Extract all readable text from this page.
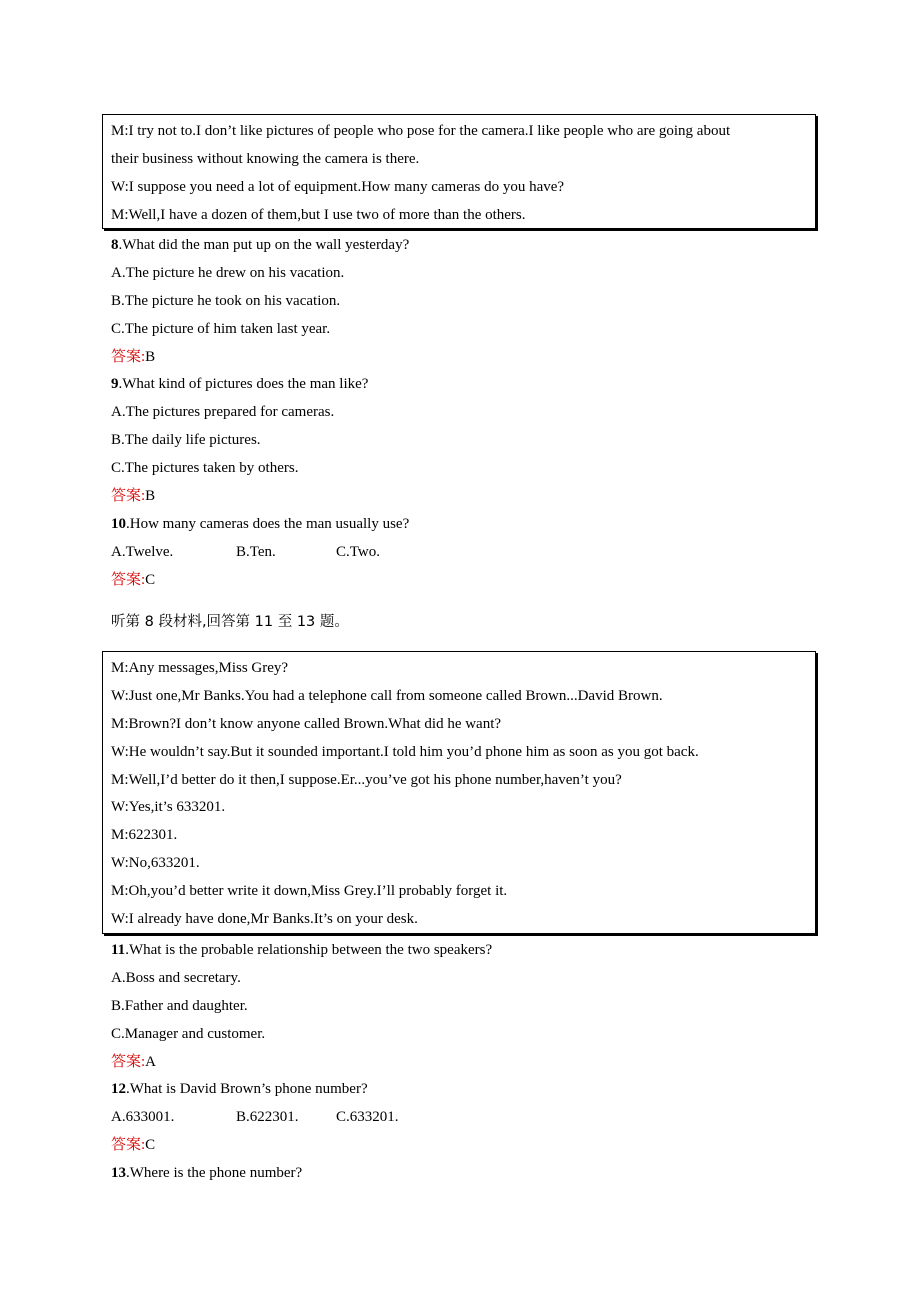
M:I try not to.I don’t like pictures of people who pose for the camera.I like people who are going about
their business without knowing the camera is there.
W:I suppose you need a lot of equipment.How many cameras do you have?
M:Well,I have a dozen of them,but I use two of more than the others.
8.What did the man put up on the wall yesterday?
A.The picture he drew on his vacation.
B.The picture he took on his vacation.
C.The picture of him taken last year.
答案:B
9.What kind of pictures does the man like?
A.The pictures prepared for cameras.
B.The daily life pictures.
C.The pictures taken by others.
答案:B
10.How many cameras does the man usually use?
A.Twelve.	B.Ten.	C.Two.
答案:C
听第 8 段材料,回答第 11 至 13 题。
M:Any messages,Miss Grey?
W:Just one,Mr Banks.You had a telephone call from someone called Brown...David Brown.
M:Brown?I don’t know anyone called Brown.What did he want?
W:He wouldn’t say.But it sounded important.I told him you’d phone him as soon as you got back.
M:Well,I’d better do it then,I suppose.Er...you’ve got his phone number,haven’t you?
W:Yes,it’s 633201.
M:622301.
W:No,633201.
M:Oh,you’d better write it down,Miss Grey.I’ll probably forget it.
W:I already have done,Mr Banks.It’s on your desk.
11.What is the probable relationship between the two speakers?
A.Boss and secretary.
B.Father and daughter.
C.Manager and customer.
答案:A
12.What is David Brown’s phone number?
A.633001.	B.622301. C.633201.
答案:C
13.Where is the phone number?
